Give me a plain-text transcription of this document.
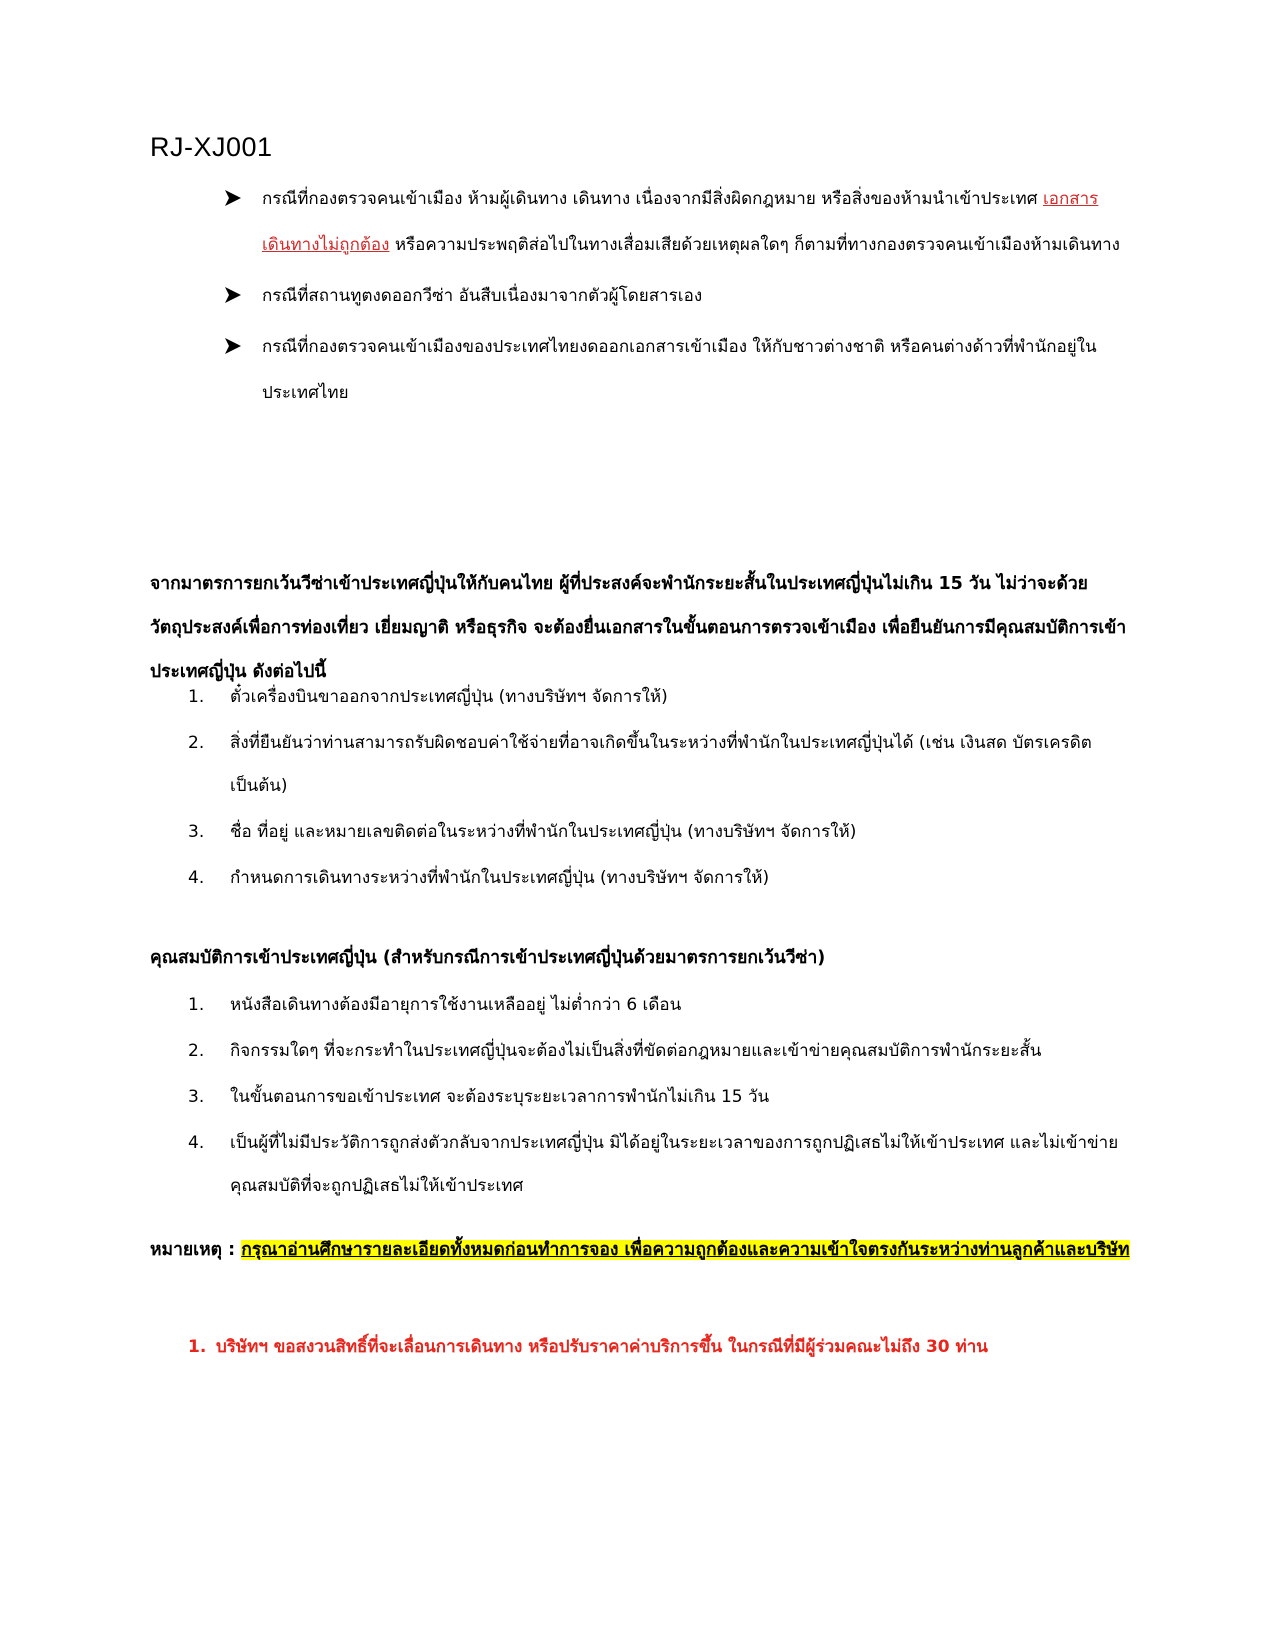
RJ-XJ001
กรณีที่กองตรวจคนเข้าเมือง ห้ามผู้เดินทาง เดินทาง เนื่องจากมีสิ่งผิดกฎหมาย หรือสิ่งของห้ามนำเข้าประเทศ เอกสารเดินทางไม่ถูกต้อง หรือความประพฤติส่อไปในทางเสื่อมเสียด้วยเหตุผลใดๆ ก็ตามที่ทางกองตรวจคนเข้าเมืองห้ามเดินทาง
กรณีที่สถานทูตงดออกวีซ่า อันสืบเนื่องมาจากตัวผู้โดยสารเอง
กรณีที่กองตรวจคนเข้าเมืองของประเทศไทยงดออกเอกสารเข้าเมือง ให้กับชาวต่างชาติ หรือคนต่างด้าวที่พำนักอยู่ในประเทศไทย
จากมาตรการยกเว้นวีซ่าเข้าประเทศญี่ปุ่นให้กับคนไทย ผู้ที่ประสงค์จะพำนักระยะสั้นในประเทศญี่ปุ่นไม่เกิน 15 วัน ไม่ว่าจะด้วยวัตถุประสงค์เพื่อการท่องเที่ยว เยี่ยมญาติ หรือธุรกิจ จะต้องยื่นเอกสารในขั้นตอนการตรวจเข้าเมือง เพื่อยืนยันการมีคุณสมบัติการเข้าประเทศญี่ปุ่น ดังต่อไปนี้
1. ตั๋วเครื่องบินขาออกจากประเทศญี่ปุ่น (ทางบริษัทฯ จัดการให้)
2. สิ่งที่ยืนยันว่าท่านสามารถรับผิดชอบค่าใช้จ่ายที่อาจเกิดขึ้นในระหว่างที่พำนักในประเทศญี่ปุ่นได้ (เช่น เงินสด บัตรเครดิต เป็นต้น)
3. ชื่อ ที่อยู่ และหมายเลขติดต่อในระหว่างที่พำนักในประเทศญี่ปุ่น (ทางบริษัทฯ จัดการให้)
4. กำหนดการเดินทางระหว่างที่พำนักในประเทศญี่ปุ่น (ทางบริษัทฯ จัดการให้)
คุณสมบัติการเข้าประเทศญี่ปุ่น (สำหรับกรณีการเข้าประเทศญี่ปุ่นด้วยมาตรการยกเว้นวีซ่า)
1. หนังสือเดินทางต้องมีอายุการใช้งานเหลืออยู่ ไม่ต่ำกว่า 6 เดือน
2. กิจกรรมใดๆ ที่จะกระทำในประเทศญี่ปุ่นจะต้องไม่เป็นสิ่งที่ขัดต่อกฎหมายและเข้าข่ายคุณสมบัติการพำนักระยะสั้น
3. ในขั้นตอนการขอเข้าประเทศ จะต้องระบุระยะเวลาการพำนักไม่เกิน 15 วัน
4. เป็นผู้ที่ไม่มีประวัติการถูกส่งตัวกลับจากประเทศญี่ปุ่น มิได้อยู่ในระยะเวลาของการถูกปฏิเสธไม่ให้เข้าประเทศ และไม่เข้าข่ายคุณสมบัติที่จะถูกปฏิเสธไม่ให้เข้าประเทศ
หมายเหตุ : กรุณาอ่านศึกษารายละเอียดทั้งหมดก่อนทำการจอง เพื่อความถูกต้องและความเข้าใจตรงกันระหว่างท่านลูกค้าและบริษัท
1. บริษัทฯ ขอสงวนสิทธิ์ที่จะเลื่อนการเดินทาง หรือปรับราคาค่าบริการขึ้น ในกรณีที่มีผู้ร่วมคณะไม่ถึง 30 ท่าน
